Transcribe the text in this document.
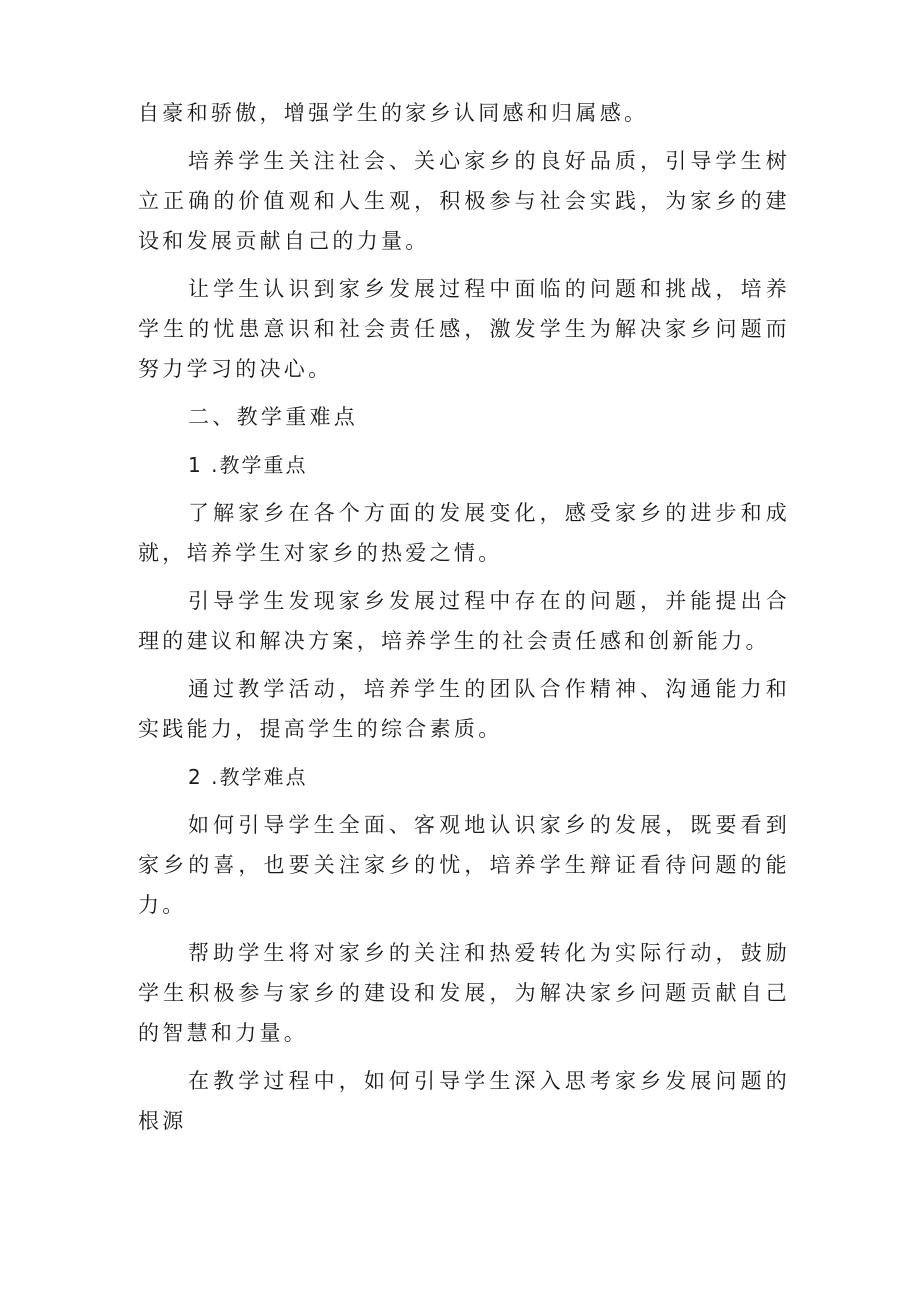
自豪和骄傲，增强学生的家乡认同感和归属感。

培养学生关注社会、关心家乡的良好品质，引导学生树立正确的价值观和人生观，积极参与社会实践，为家乡的建设和发展贡献自己的力量。

让学生认识到家乡发展过程中面临的问题和挑战，培养学生的忧患意识和社会责任感，激发学生为解决家乡问题而努力学习的决心。

二、教学重难点

1 .教学重点

了解家乡在各个方面的发展变化，感受家乡的进步和成就，培养学生对家乡的热爱之情。

引导学生发现家乡发展过程中存在的问题，并能提出合理的建议和解决方案，培养学生的社会责任感和创新能力。

通过教学活动，培养学生的团队合作精神、沟通能力和实践能力，提高学生的综合素质。

2 .教学难点

如何引导学生全面、客观地认识家乡的发展，既要看到家乡的喜，也要关注家乡的忧，培养学生辩证看待问题的能力。

帮助学生将对家乡的关注和热爱转化为实际行动，鼓励学生积极参与家乡的建设和发展，为解决家乡问题贡献自己的智慧和力量。

在教学过程中，如何引导学生深入思考家乡发展问题的根源
